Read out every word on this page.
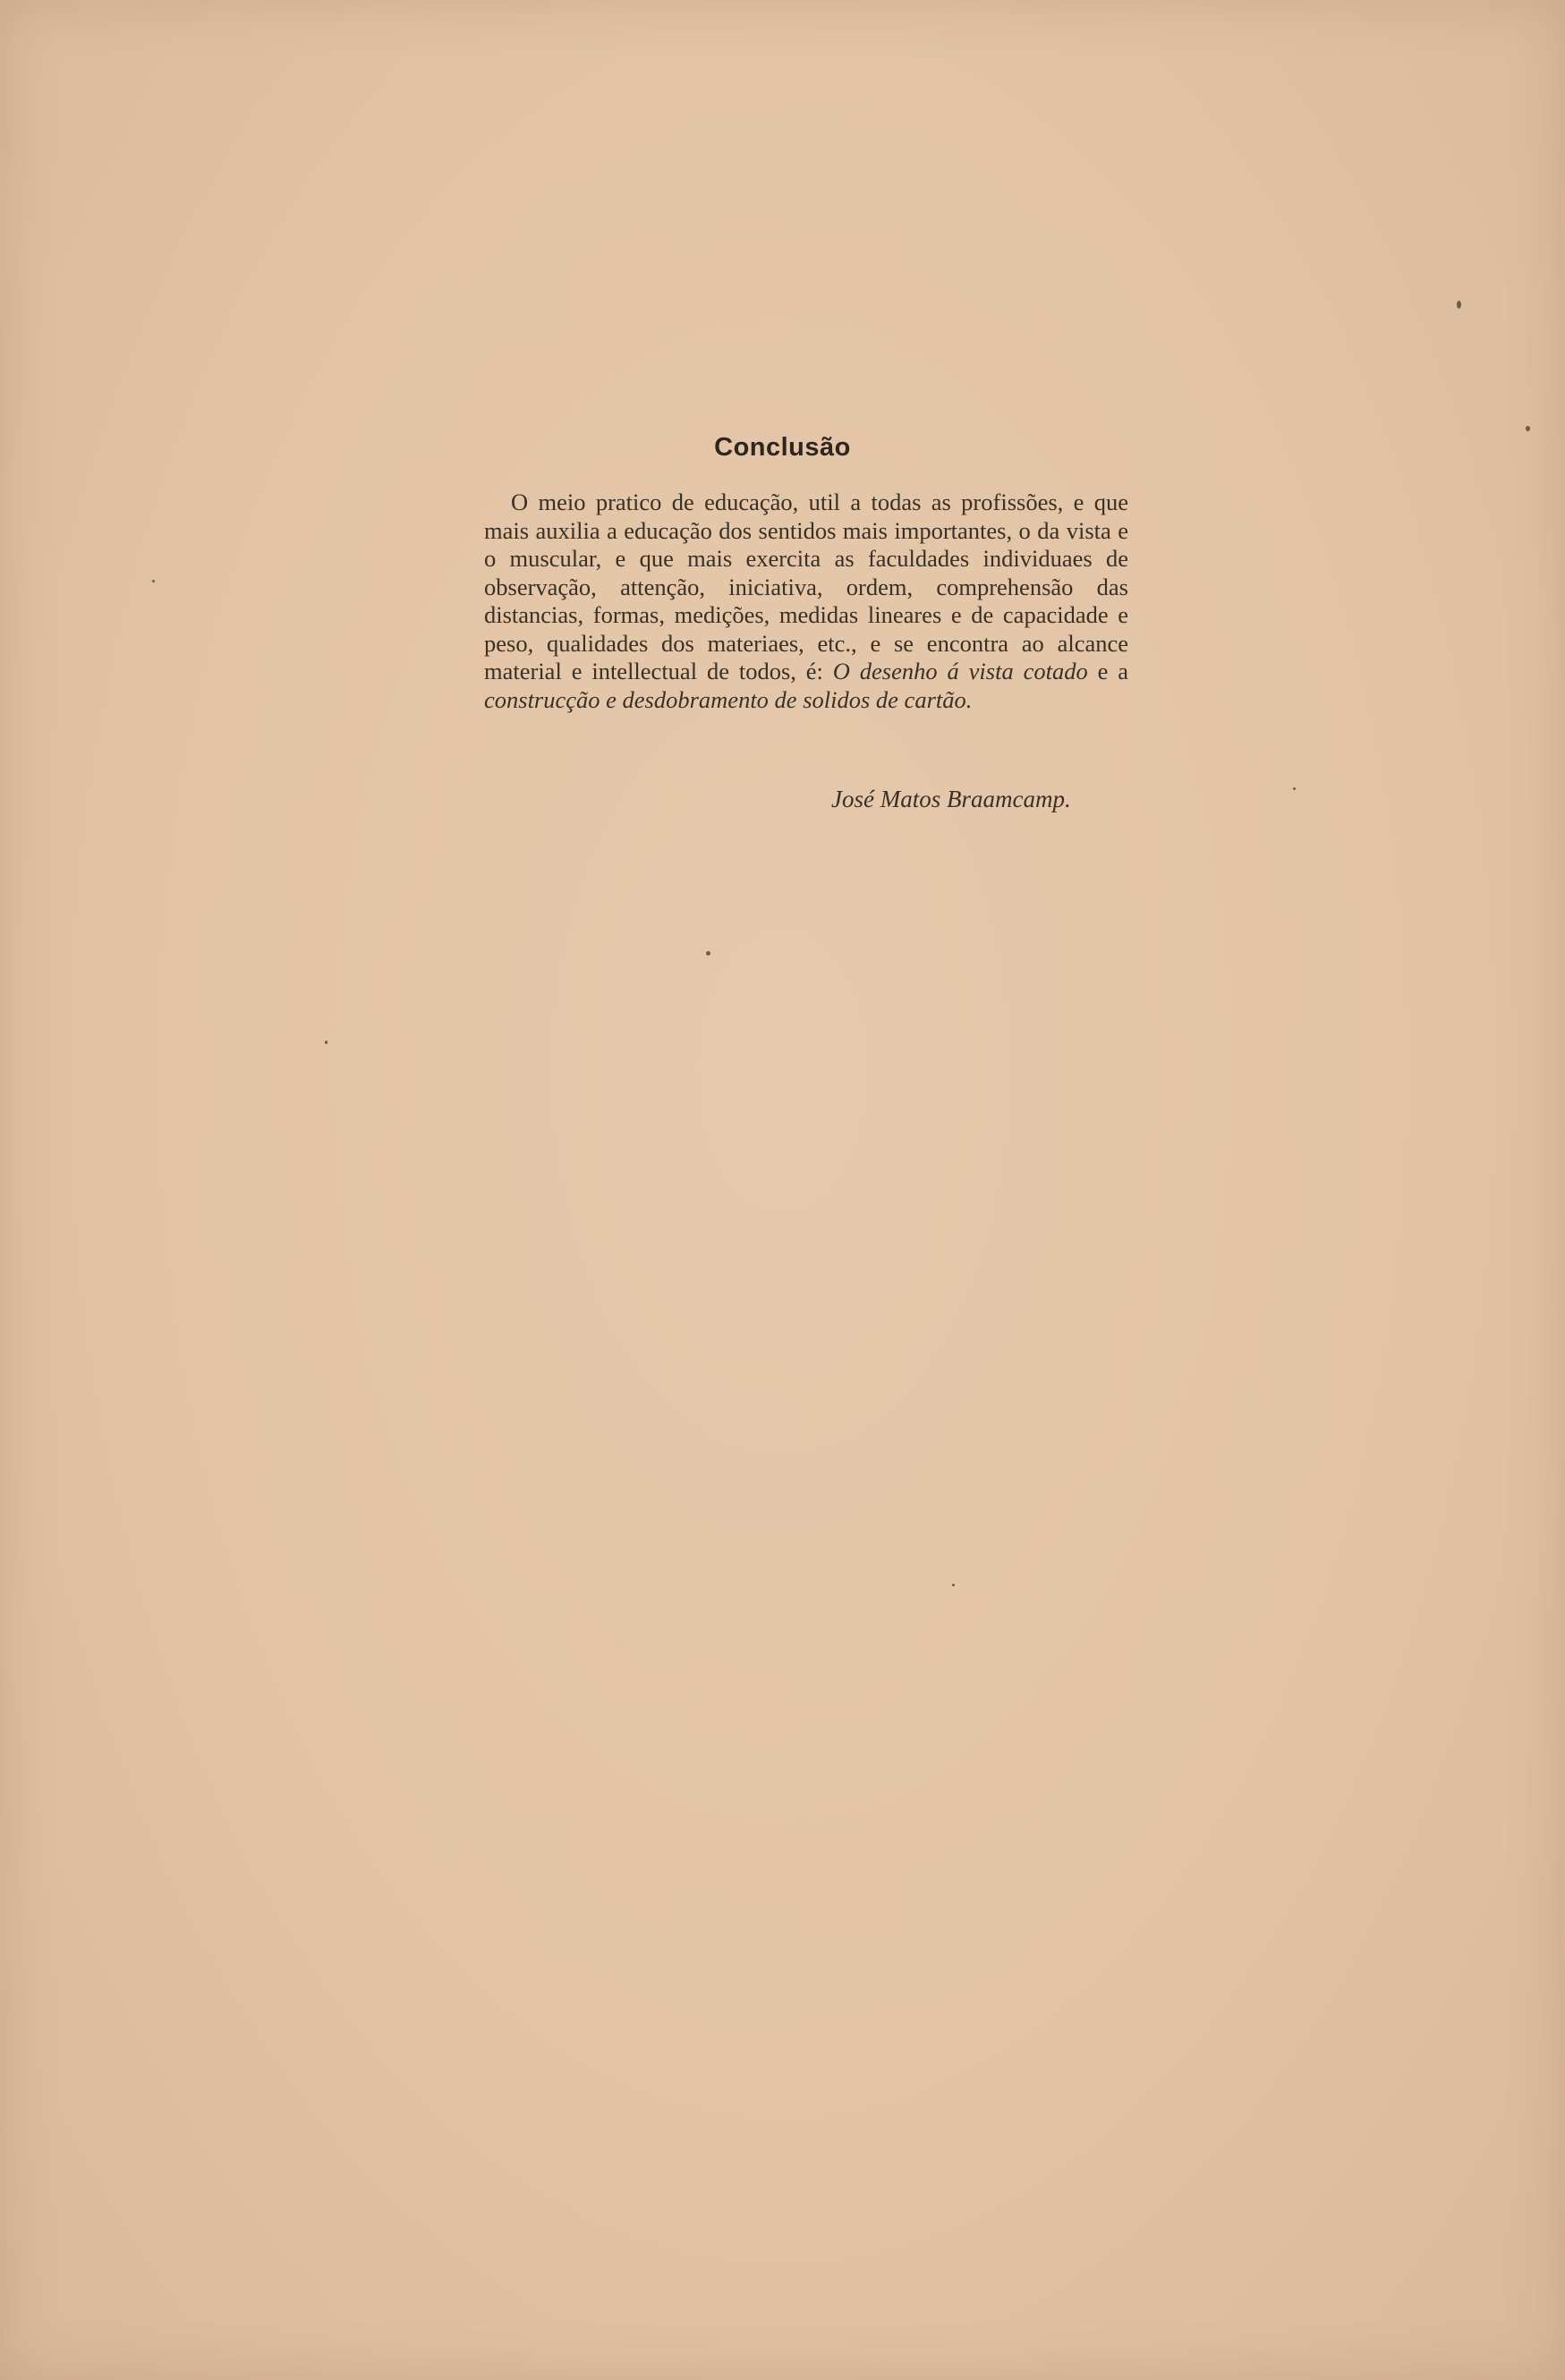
Conclusão

O meio pratico de educação, util a todas as profissões, e que mais auxilia a educação dos sentidos mais importantes, o da vista e o muscular, e que mais exercita as faculdades individuaes de observação, attenção, iniciativa, ordem, comprehensão das distancias, formas, medições, medidas lineares e de capacidade e peso, qualidades dos materiaes, etc., e se encontra ao alcance material e intellectual de todos, é: O desenho á vista cotado e a construcção e desdobramento de solidos de cartão.

José Matos Braamcamp.
